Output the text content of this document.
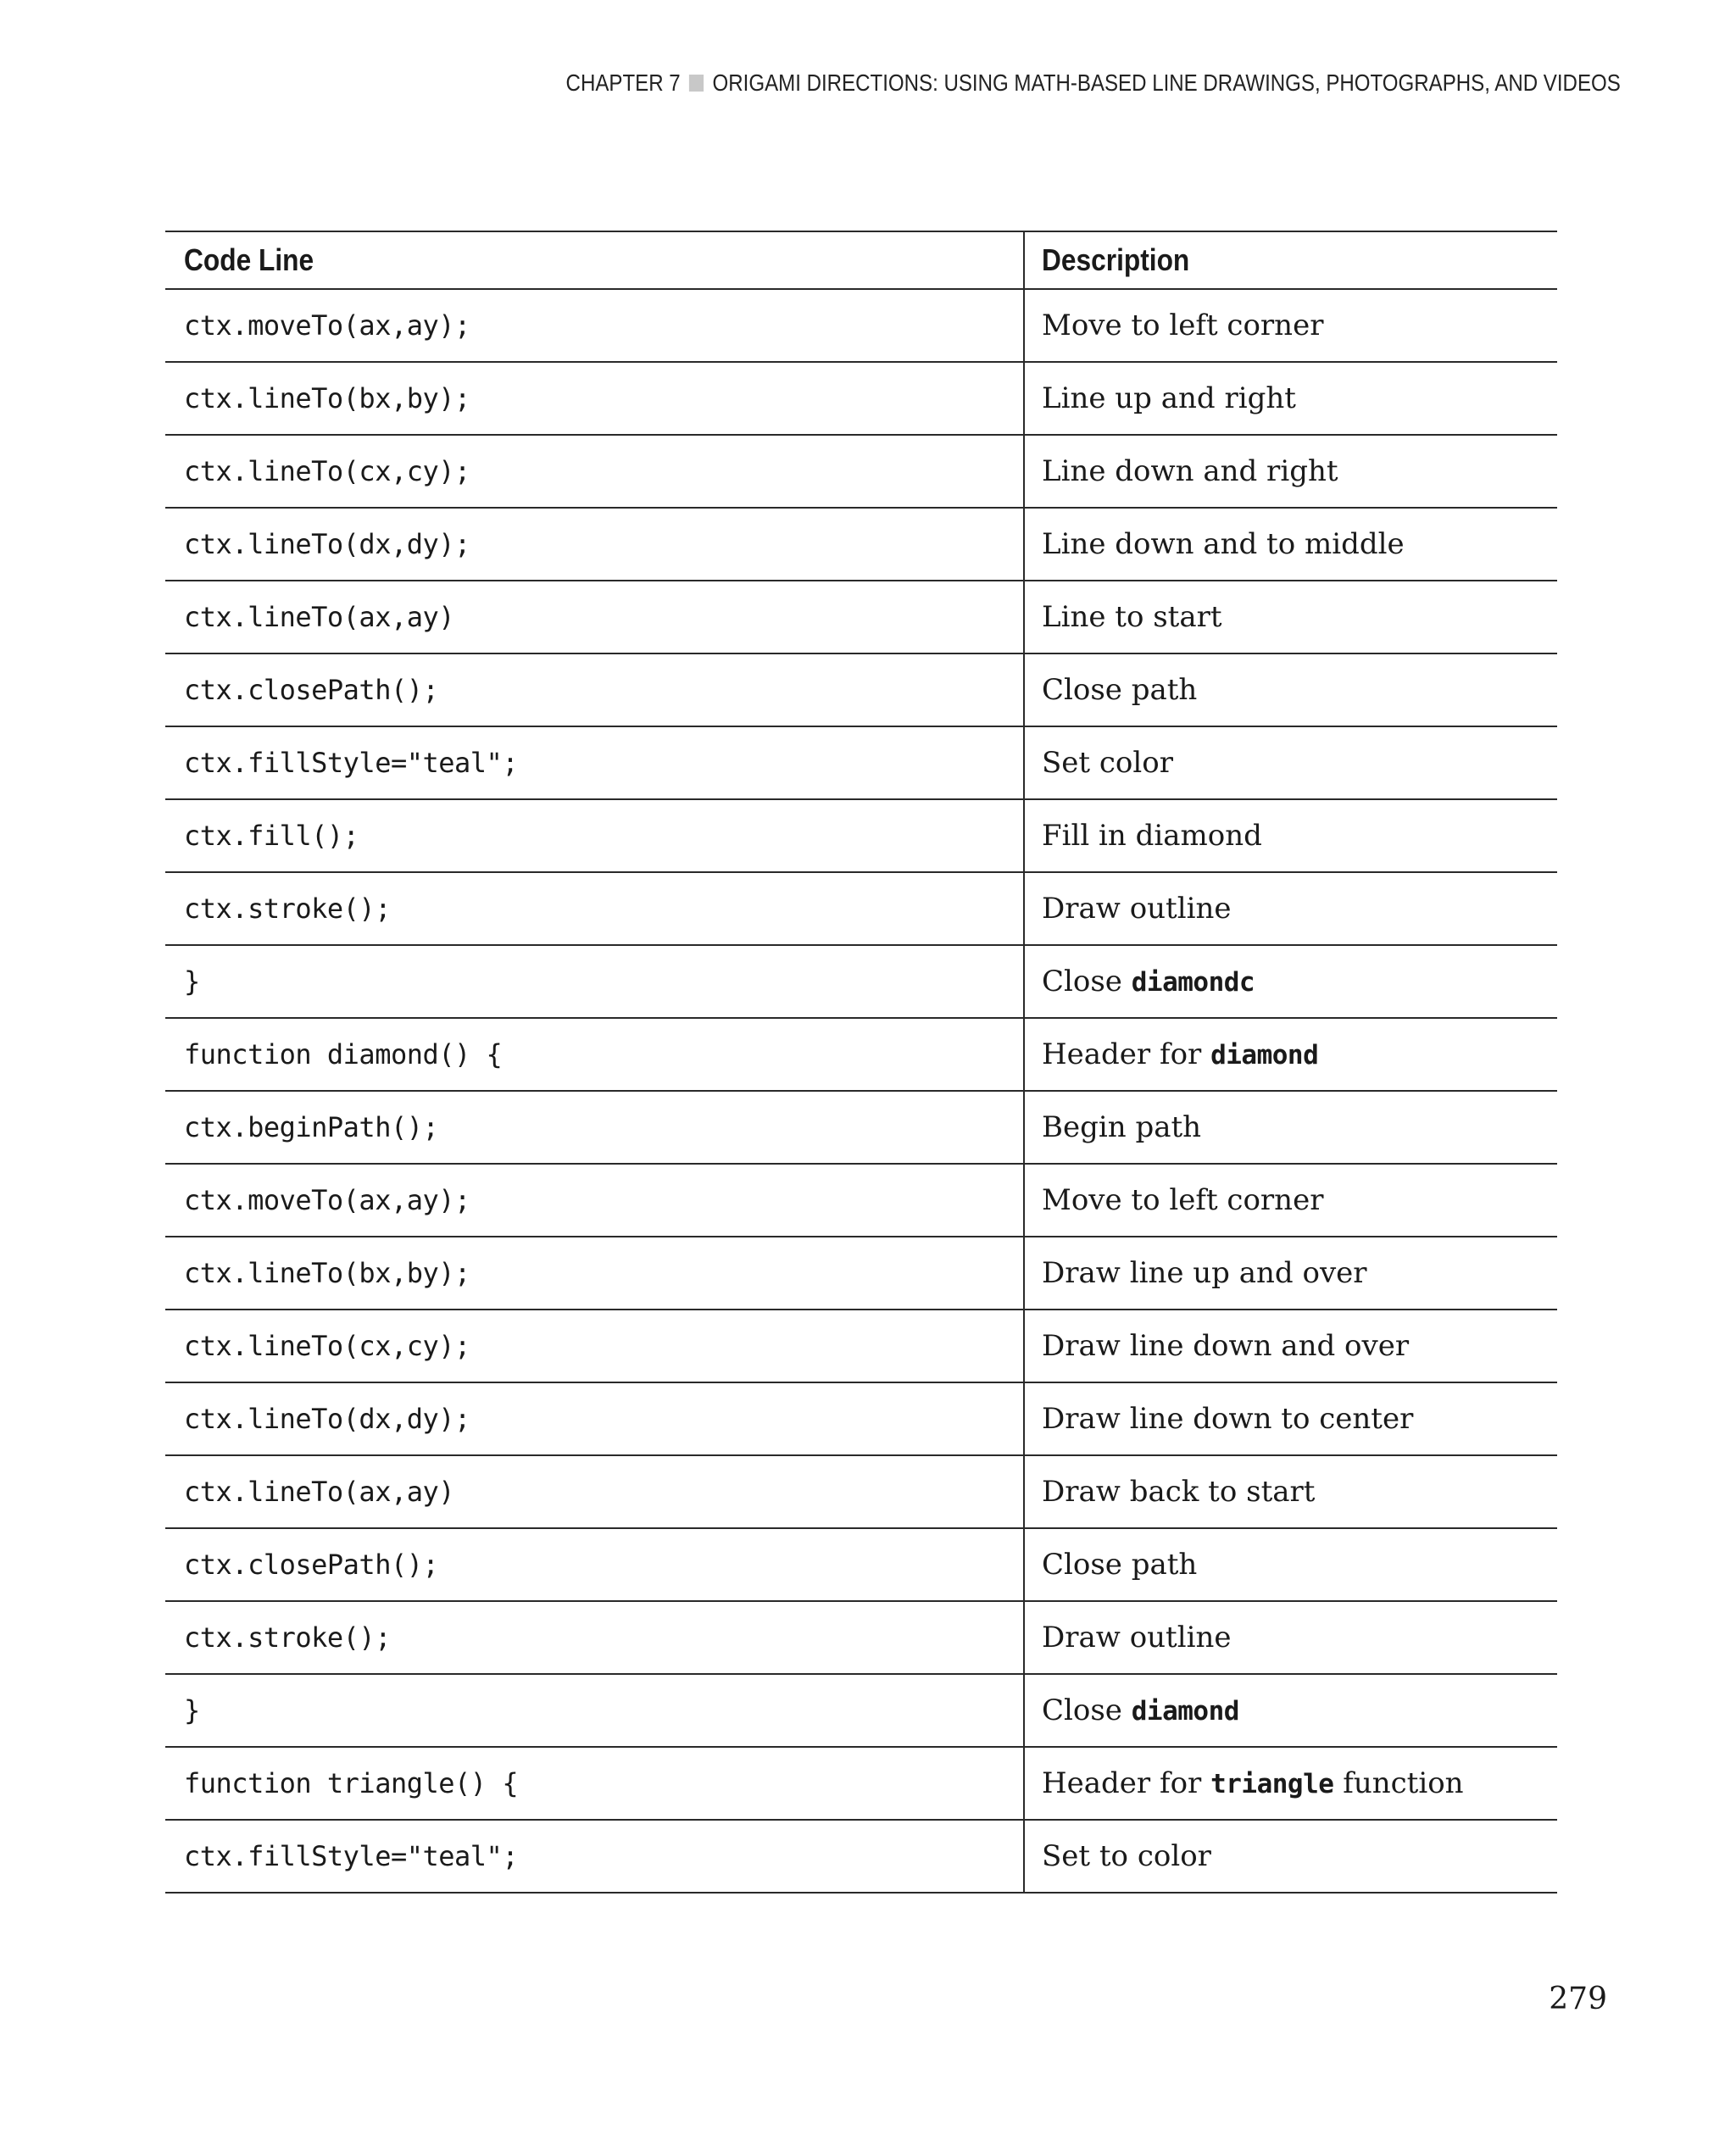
CHAPTER 7 ORIGAMI DIRECTIONS: USING MATH-BASED LINE DRAWINGS, PHOTOGRAPHS, AND VIDEOS
Code Line	Description
ctx.moveTo(ax,ay);	Move to left corner
ctx.lineTo(bx,by);	Line up and right
ctx.lineTo(cx,cy);	Line down and right
ctx.lineTo(dx,dy);	Line down and to middle
ctx.lineTo(ax,ay)	Line to start
ctx.closePath();	Close path
ctx.fillStyle="teal";	Set color
ctx.fill();	Fill in diamond
ctx.stroke();	Draw outline
}	Close diamondc
function diamond() {	Header for diamond
ctx.beginPath();	Begin path
ctx.moveTo(ax,ay);	Move to left corner
ctx.lineTo(bx,by);	Draw line up and over
ctx.lineTo(cx,cy);	Draw line down and over
ctx.lineTo(dx,dy);	Draw line down to center
ctx.lineTo(ax,ay)	Draw back to start
ctx.closePath();	Close path
ctx.stroke();	Draw outline
}	Close diamond
function triangle() {	Header for triangle function
ctx.fillStyle="teal";	Set to color
279
